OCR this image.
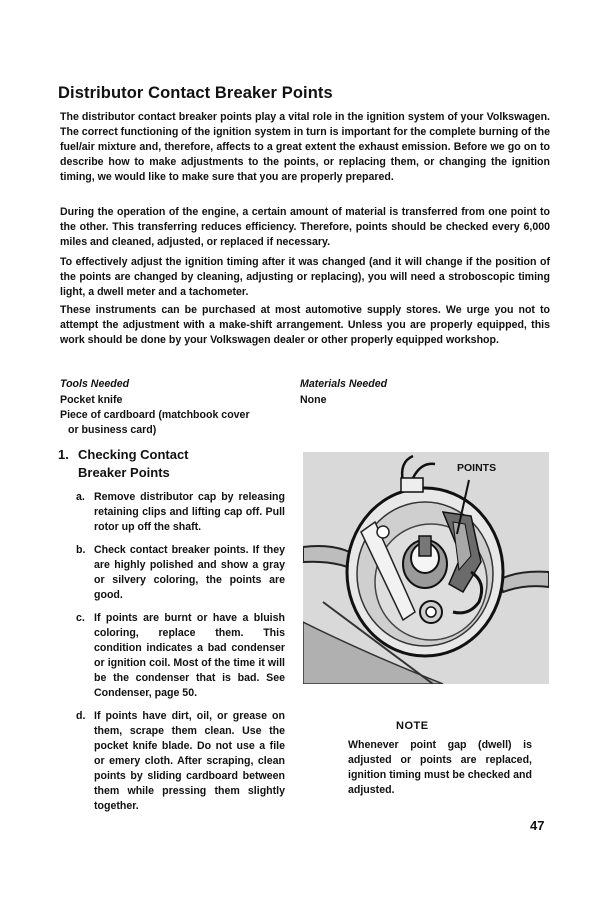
Distributor Contact Breaker Points

The distributor contact breaker points play a vital role in the ignition system of your Volkswagen. The correct functioning of the ignition system in turn is important for the complete burning of the fuel/air mixture and, therefore, affects to a great extent the exhaust emission. Before we go on to describe how to make adjustments to the points, or replacing them, or changing the ignition timing, we would like to make sure that you are properly prepared.

During the operation of the engine, a certain amount of material is transferred from one point to the other. This transferring reduces efficiency. Therefore, points should be checked every 6,000 miles and cleaned, adjusted, or replaced if necessary.

To effectively adjust the ignition timing after it was changed (and it will change if the position of the points are changed by cleaning, adjusting or replacing), you will need a stroboscopic timing light, a dwell meter and a tachometer.

These instruments can be purchased at most automotive supply stores. We urge you not to attempt the adjustment with a make-shift arrangement. Unless you are properly equipped, this work should be done by your Volkswagen dealer or other properly equipped workshop.

Tools Needed
Pocket knife
Piece of cardboard (matchbook cover
or business card)
Materials Needed
None
1. Checking Contact
Breaker Points
a. Remove distributor cap by releasing retaining clips and lifting cap off. Pull rotor up off the shaft.
b. Check contact breaker points. If they are highly polished and show a gray or silvery coloring, the points are good.
c. If points are burnt or have a bluish coloring, replace them. This condition indicates a bad condenser or ignition coil. Most of the time it will be the condenser that is bad. See Condenser, page 50.
d. If points have dirt, oil, or grease on them, scrape them clean. Use the pocket knife blade. Do not use a file or emery cloth. After scraping, clean points by sliding cardboard between them while pressing them slightly together.
POINTS
NOTE

Whenever point gap (dwell) is adjusted or points are replaced, ignition timing must be checked and adjusted.

47
